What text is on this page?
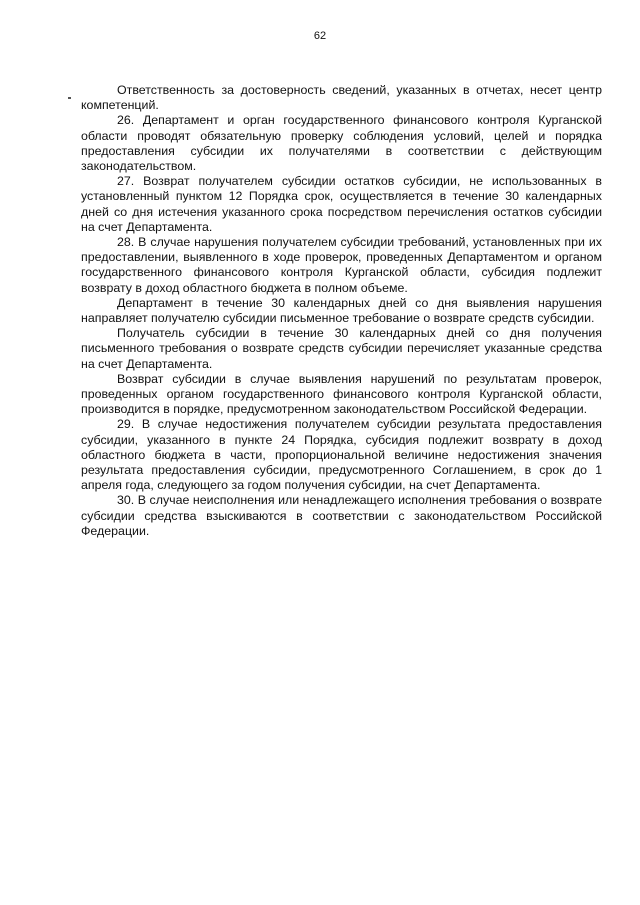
62

Ответственность за достоверность сведений, указанных в отчетах, несет центр компетенций.

26. Департамент и орган государственного финансового контроля Курганской области проводят обязательную проверку соблюдения условий, целей и порядка предоставления субсидии их получателями в соответствии с действующим законодательством.

27. Возврат получателем субсидии остатков субсидии, не использованных в установленный пунктом 12 Порядка срок, осуществляется в течение 30 календарных дней со дня истечения указанного срока посредством перечисления остатков субсидии на счет Департамента.

28. В случае нарушения получателем субсидии требований, установленных при их предоставлении, выявленного в ходе проверок, проведенных Департаментом и органом государственного финансового контроля Курганской области, субсидия подлежит возврату в доход областного бюджета в полном объеме.

Департамент в течение 30 календарных дней со дня выявления нарушения направляет получателю субсидии письменное требование о возврате средств субсидии.

Получатель субсидии в течение 30 календарных дней со дня получения письменного требования о возврате средств субсидии перечисляет указанные средства на счет Департамента.

Возврат субсидии в случае выявления нарушений по результатам проверок, проведенных органом государственного финансового контроля Курганской области, производится в порядке, предусмотренном законодательством Российской Федерации.

29. В случае недостижения получателем субсидии результата предоставления субсидии, указанного в пункте 24 Порядка, субсидия подлежит возврату в доход областного бюджета в части, пропорциональной величине недостижения значения результата предоставления субсидии, предусмотренного Соглашением, в срок до 1 апреля года, следующего за годом получения субсидии, на счет Департамента.

30. В случае неисполнения или ненадлежащего исполнения требования о возврате субсидии средства взыскиваются в соответствии с законодательством Российской Федерации.
